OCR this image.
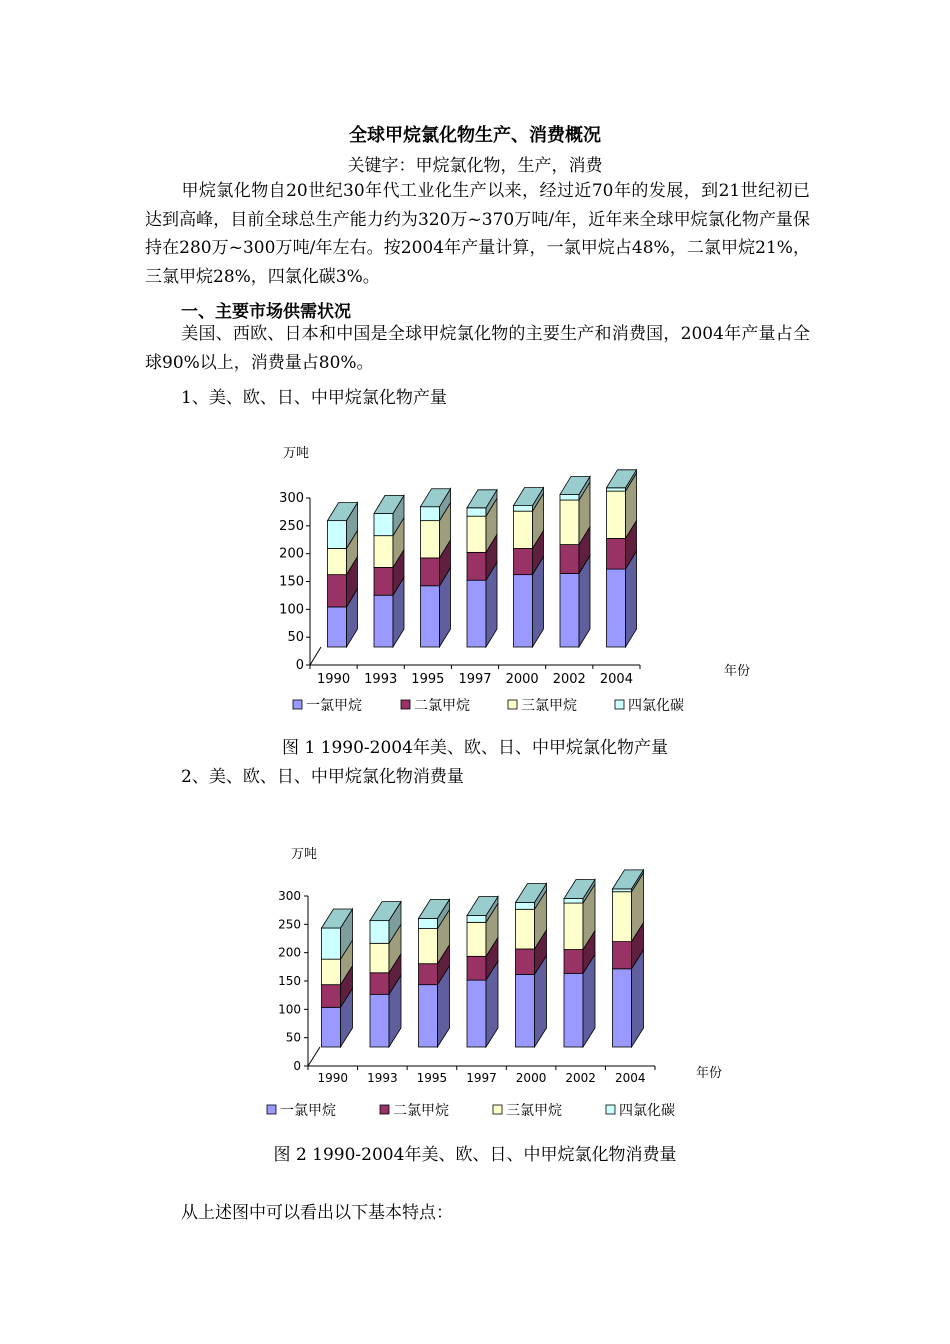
全球甲烷氯化物生产、消费概况
关键字：甲烷氯化物，生产，消费
甲烷氯化物自20世纪30年代工业化生产以来，经过近70年的发展，到21世纪初已达到高峰，目前全球总生产能力约为320万~370万吨/年，近年来全球甲烷氯化物产量保持在280万~300万吨/年左右。按2004年产量计算，一氯甲烷占48%，二氯甲烷21%，三氯甲烷28%，四氯化碳3%。
一、主要市场供需状况
美国、西欧、日本和中国是全球甲烷氯化物的主要生产和消费国，2004年产量占全球90%以上，消费量占80%。
1、美、欧、日、中甲烷氯化物产量
0
50
100
150
200
250
300
1990 1993 1995 1997 2000 2002 2004
万吨
年份
一氯甲烷	二氯甲烷	三氯甲烷	四氯化碳
图 1 1990-2004年美、欧、日、中甲烷氯化物产量
2、美、欧、日、中甲烷氯化物消费量
0
50
100
150
200
250
300
1990 1993 1995 1997 2000 2002 2004
万吨
年份
一氯甲烷	二氯甲烷	三氯甲烷	四氯化碳
图 2 1990-2004年美、欧、日、中甲烷氯化物消费量
从上述图中可以看出以下基本特点：
